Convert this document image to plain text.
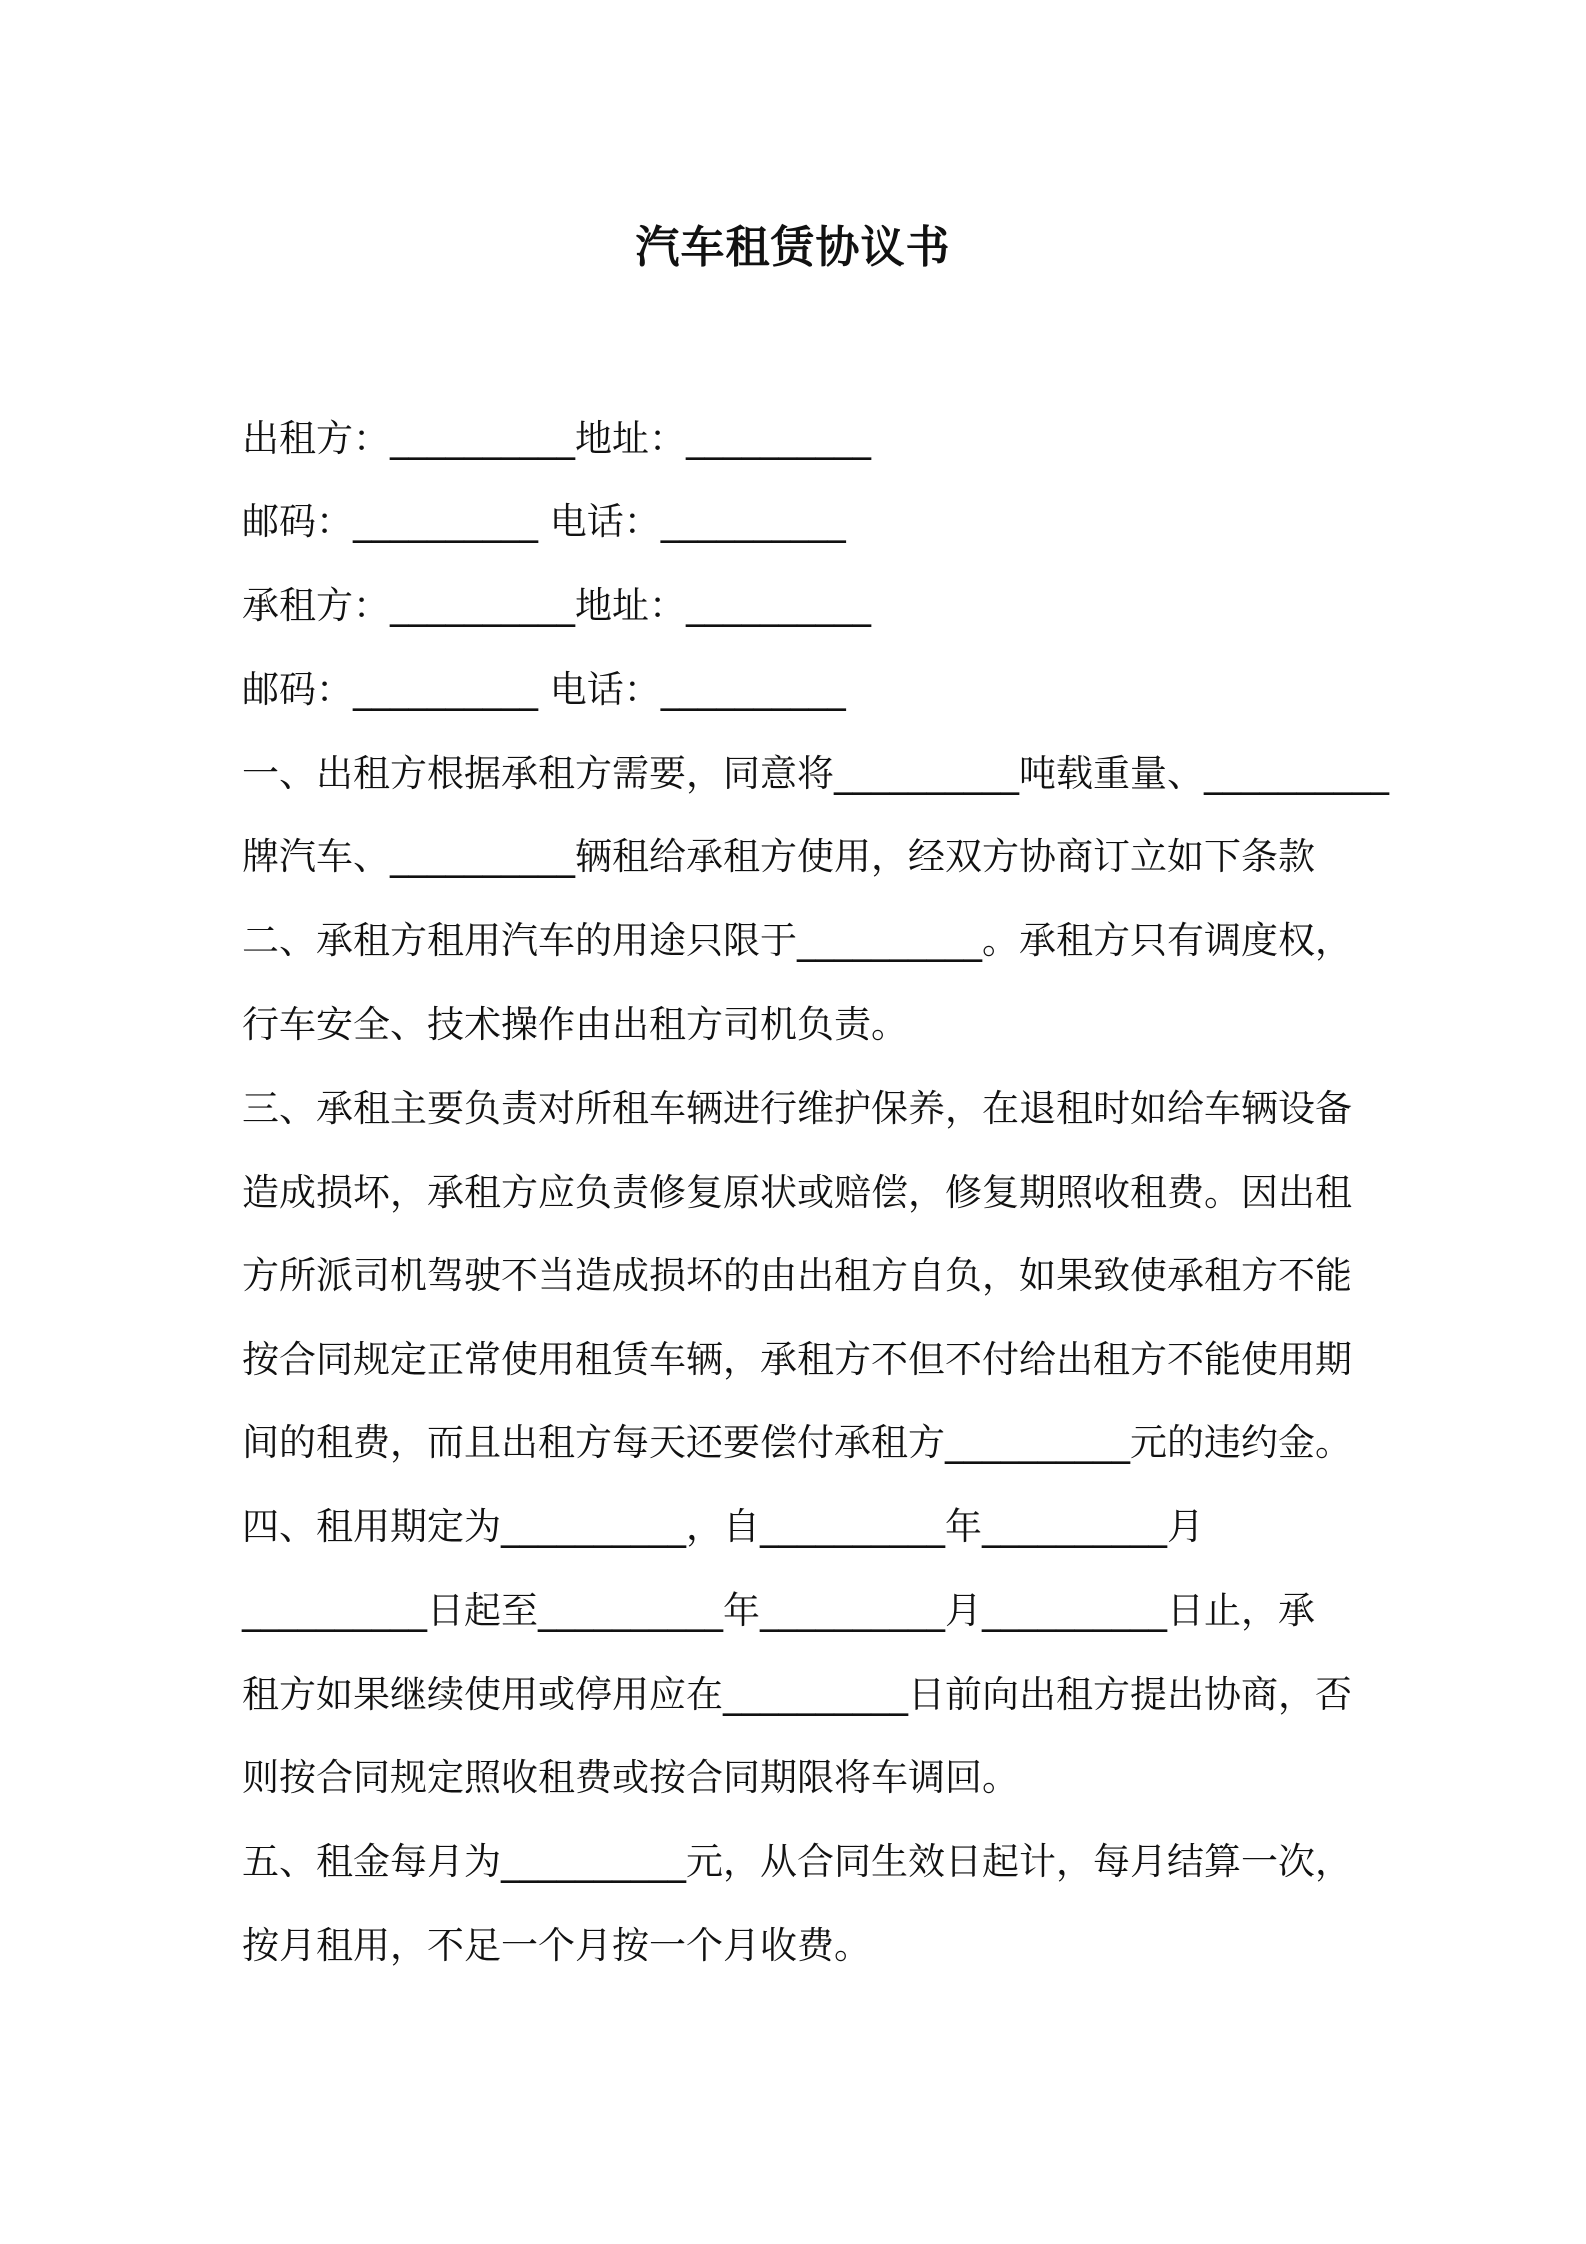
汽车租赁协议书
出租方：__________地址：__________
邮码：__________ 电话：__________
承租方：__________地址：__________
邮码：__________ 电话：__________
一、出租方根据承租方需要，同意将__________吨载重量、__________
牌汽车、__________辆租给承租方使用，经双方协商订立如下条款
二、承租方租用汽车的用途只限于__________。承租方只有调度权，
行车安全、技术操作由出租方司机负责。
三、承租主要负责对所租车辆进行维护保养，在退租时如给车辆设备
造成损坏，承租方应负责修复原状或赔偿，修复期照收租费。因出租
方所派司机驾驶不当造成损坏的由出租方自负，如果致使承租方不能
按合同规定正常使用租赁车辆，承租方不但不付给出租方不能使用期
间的租费，而且出租方每天还要偿付承租方__________元的违约金。
四、租用期定为__________，自__________年__________月
__________日起至__________年__________月__________日止，承
租方如果继续使用或停用应在__________日前向出租方提出协商，否
则按合同规定照收租费或按合同期限将车调回。
五、租金每月为__________元，从合同生效日起计，每月结算一次，
按月租用，不足一个月按一个月收费。
